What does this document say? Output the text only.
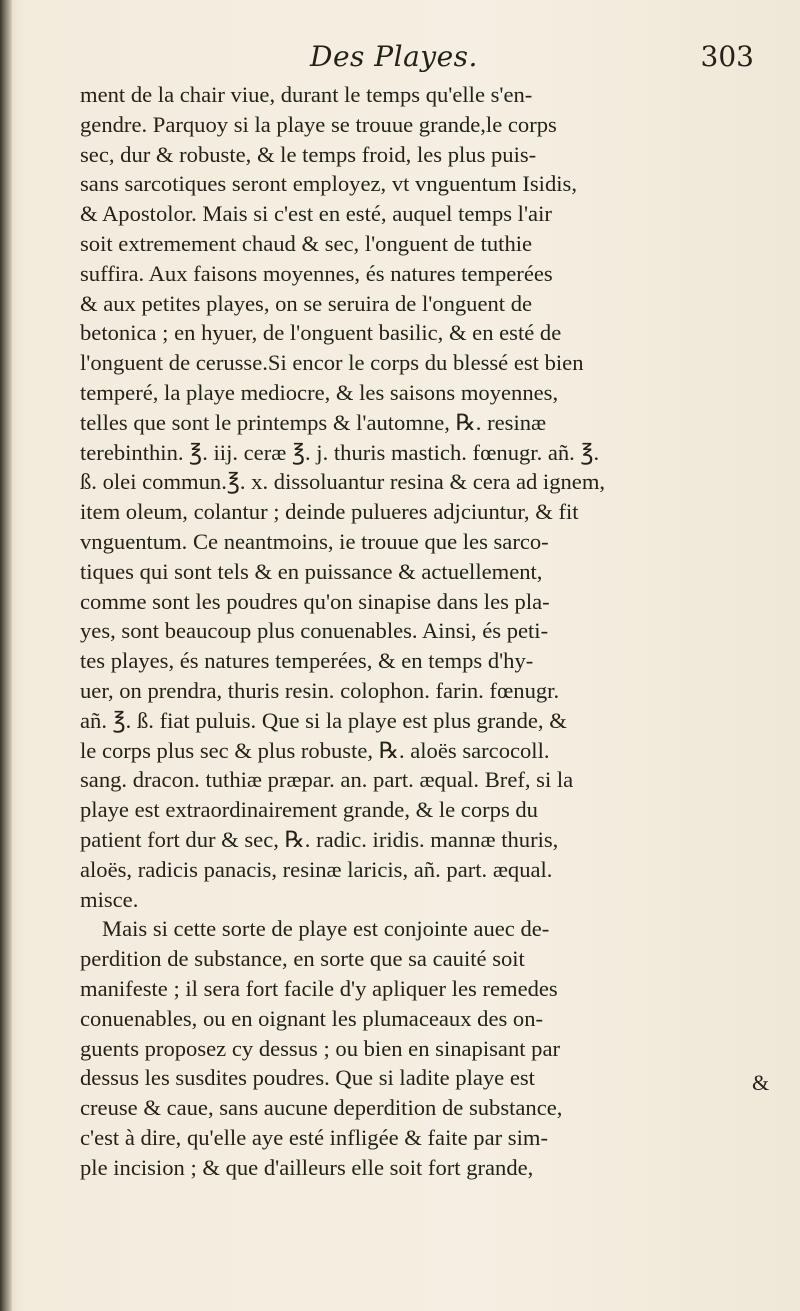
Des Playes.	303
ment de la chair viue, durant le temps qu'elle s'en-
gendre. Parquoy si la playe se trouue grande,le corps
sec, dur & robuste, & le temps froid, les plus puis-
sans sarcotiques seront employez, vt vnguentum Isidis,
& Apostolor. Mais si c'est en esté, auquel temps l'air
soit extremement chaud & sec, l'onguent de tuthie
suffira. Aux faisons moyennes, és natures temperées
& aux petites playes, on se seruira de l'onguent de
betonica ; en hyuer, de l'onguent basilic, & en esté de
l'onguent de cerusse.Si encor le corps du blessé est bien
temperé, la playe mediocre, & les saisons moyennes,
telles que sont le printemps & l'automne, ℞. resinæ
terebinthin. ℥. iij. ceræ ℥. j. thuris mastich. fœnugr. añ. ℥.
ß. olei commun.℥. x. dissoluantur resina & cera ad ignem,
item oleum, colantur ; deinde pulueres adjciuntur, & fit
vnguentum. Ce neantmoins, ie trouue que les sarco-
tiques qui sont tels & en puissance & actuellement,
comme sont les poudres qu'on sinapise dans les pla-
yes, sont beaucoup plus conuenables. Ainsi, és peti-
tes playes, és natures temperées, & en temps d'hy-
uer, on prendra, thuris resin. colophon. farin. fœnugr.
añ. ℥. ß. fiat puluis. Que si la playe est plus grande, &
le corps plus sec & plus robuste, ℞. aloës sarcocoll.
sang. dracon. tuthiæ præpar. an. part. æqual. Bref, si la
playe est extraordinairement grande, & le corps du
patient fort dur & sec, ℞. radic. iridis. mannæ thuris,
aloës, radicis panacis, resinæ laricis, añ. part. æqual.
misce.
Mais si cette sorte de playe est conjointe auec de-
perdition de substance, en sorte que sa cauité soit
manifeste ; il sera fort facile d'y apliquer les remedes
conuenables, ou en oignant les plumaceaux des on-
guents proposez cy dessus ; ou bien en sinapisant par
dessus les susdites poudres. Que si ladite playe est
creuse & caue, sans aucune deperdition de substance,
c'est à dire, qu'elle aye esté infligée & faite par sim-
ple incision ; & que d'ailleurs elle soit fort grande,
&
